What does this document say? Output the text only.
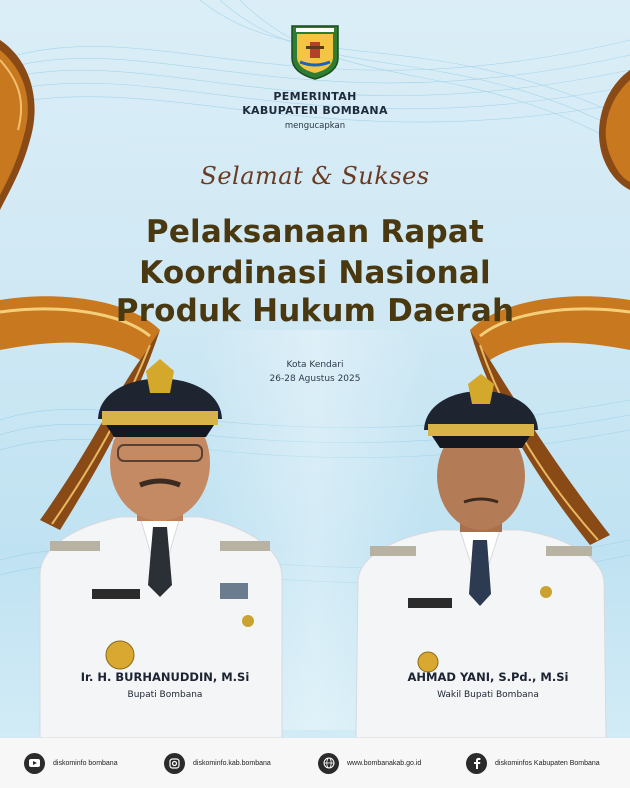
PEMERINTAH
KABUPATEN BOMBANA
mengucapkan
Selamat & Sukses
Pelaksanaan Rapat
Koordinasi Nasional
Produk Hukum Daerah
Kota Kendari
26-28 Agustus 2025
Ir. H. BURHANUDDIN, M.Si
Bupati Bombana
AHMAD YANI, S.Pd., M.Si
Wakil Bupati Bombana
diskominfo bombana	diskominfo.kab.bombana	www.bombanakab.go.id	diskominfos Kabupaten Bombana
